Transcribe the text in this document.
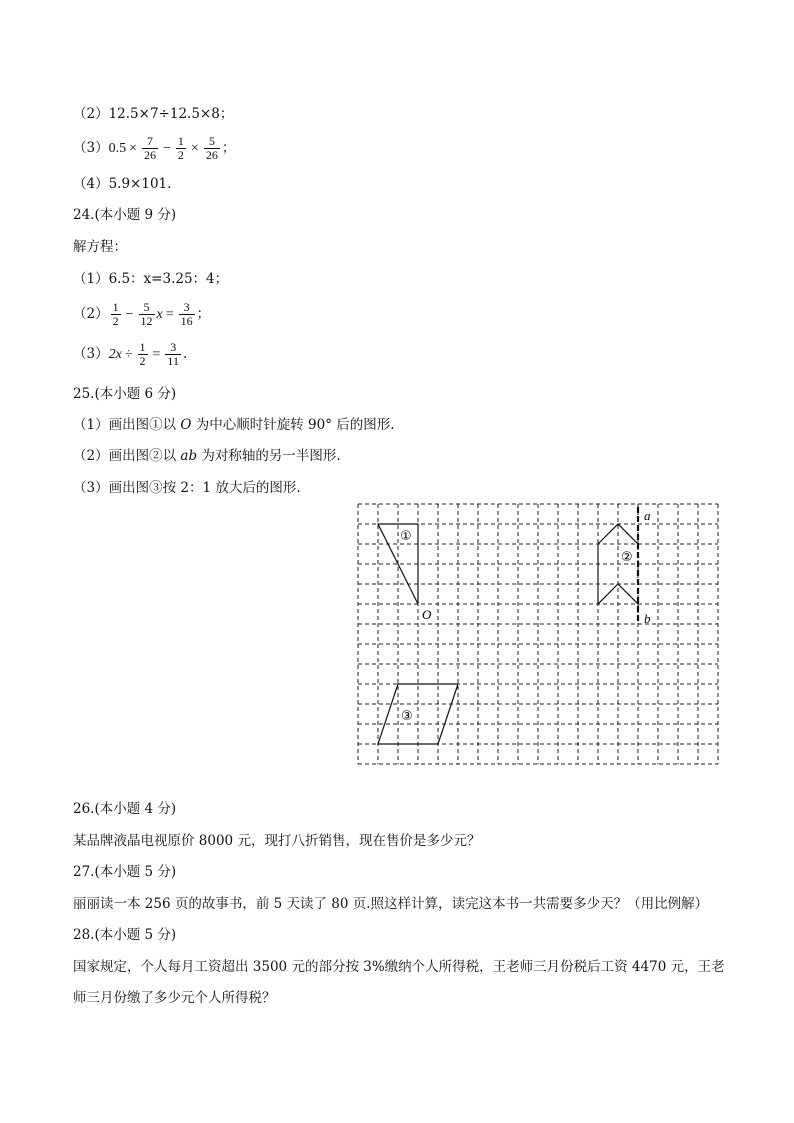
（2）12.5×7÷12.5×8；
$(3)0.5 \times \frac{7}{26} - \frac{1}{2} \times \frac{5}{26}$ ；
（4）5.9×101.
24.(本小题 9 分)
解方程：
（1）6.5：x=3.25：4；
$(2) \frac{1}{2} - \frac{5}{12}$ $x = \frac{3}{16}$ ；
$(3)2x \div \frac{1}{2} = \frac{3}{11}$ .
25.(本小题 6 分)
（1）画出图①以 O 为中心顺时针旋转 90° 后的图形.
（2）画出图②以 ab 为对称轴的另一半图形.
（3）画出图③按 2：1 放大后的图形.
①
②
③
O
a
b
26.(本小题 4 分)
某品牌液晶电视原价 8000 元，现打八折销售，现在售价是多少元？
27.(本小题 5 分)
丽丽读一本 256 页的故事书，前 5 天读了 80 页.照这样计算，读完这本书一共需要多少天？（用比例解）
28.(本小题 5 分)
国家规定，个人每月工资超出 3500 元的部分按 3%缴纳个人所得税，王老师三月份税后工资 4470 元，王老
师三月份缴了多少元个人所得税？
